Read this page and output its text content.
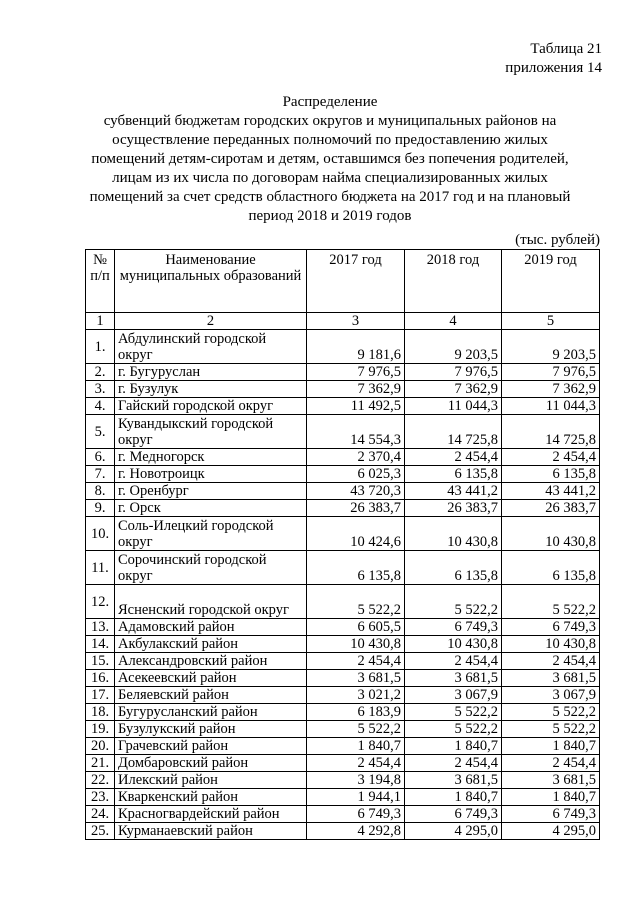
Таблица 21
приложения 14
Распределение
субвенций бюджетам городских округов и муниципальных районов на
осуществление переданных полномочий по предоставлению жилых
помещений детям-сиротам и детям, оставшимся без попечения родителей,
лицам из их числа по договорам найма специализированных жилых
помещений за счет средств областного бюджета на 2017 год и на плановый
период 2018 и 2019 годов
(тыс. рублей)
№ п/п	Наименование муниципальных образований	2017 год	2018 год	2019 год
1	2	3	4	5
1.	Абдулинский городской округ	9 181,6	9 203,5	9 203,5
2.	г. Бугуруслан	7 976,5	7 976,5	7 976,5
3.	г. Бузулук	7 362,9	7 362,9	7 362,9
4.	Гайский городской округ	11 492,5	11 044,3	11 044,3
5.	Кувандыкский городской округ	14 554,3	14 725,8	14 725,8
6.	г. Медногорск	2 370,4	2 454,4	2 454,4
7.	г. Новотроицк	6 025,3	6 135,8	6 135,8
8.	г. Оренбург	43 720,3	43 441,2	43 441,2
9.	г. Орск	26 383,7	26 383,7	26 383,7
10.	Соль-Илецкий городской округ	10 424,6	10 430,8	10 430,8
11.	Сорочинский городской округ	6 135,8	6 135,8	6 135,8
12.	Ясненский городской округ	5 522,2	5 522,2	5 522,2
13.	Адамовский район	6 605,5	6 749,3	6 749,3
14.	Акбулакский район	10 430,8	10 430,8	10 430,8
15.	Александровский район	2 454,4	2 454,4	2 454,4
16.	Асекеевский район	3 681,5	3 681,5	3 681,5
17.	Беляевский район	3 021,2	3 067,9	3 067,9
18.	Бугурусланский район	6 183,9	5 522,2	5 522,2
19.	Бузулукский район	5 522,2	5 522,2	5 522,2
20.	Грачевский район	1 840,7	1 840,7	1 840,7
21.	Домбаровский район	2 454,4	2 454,4	2 454,4
22.	Илекский район	3 194,8	3 681,5	3 681,5
23.	Кваркенский район	1 944,1	1 840,7	1 840,7
24.	Красногвардейский район	6 749,3	6 749,3	6 749,3
25.	Курманаевский район	4 292,8	4 295,0	4 295,0
